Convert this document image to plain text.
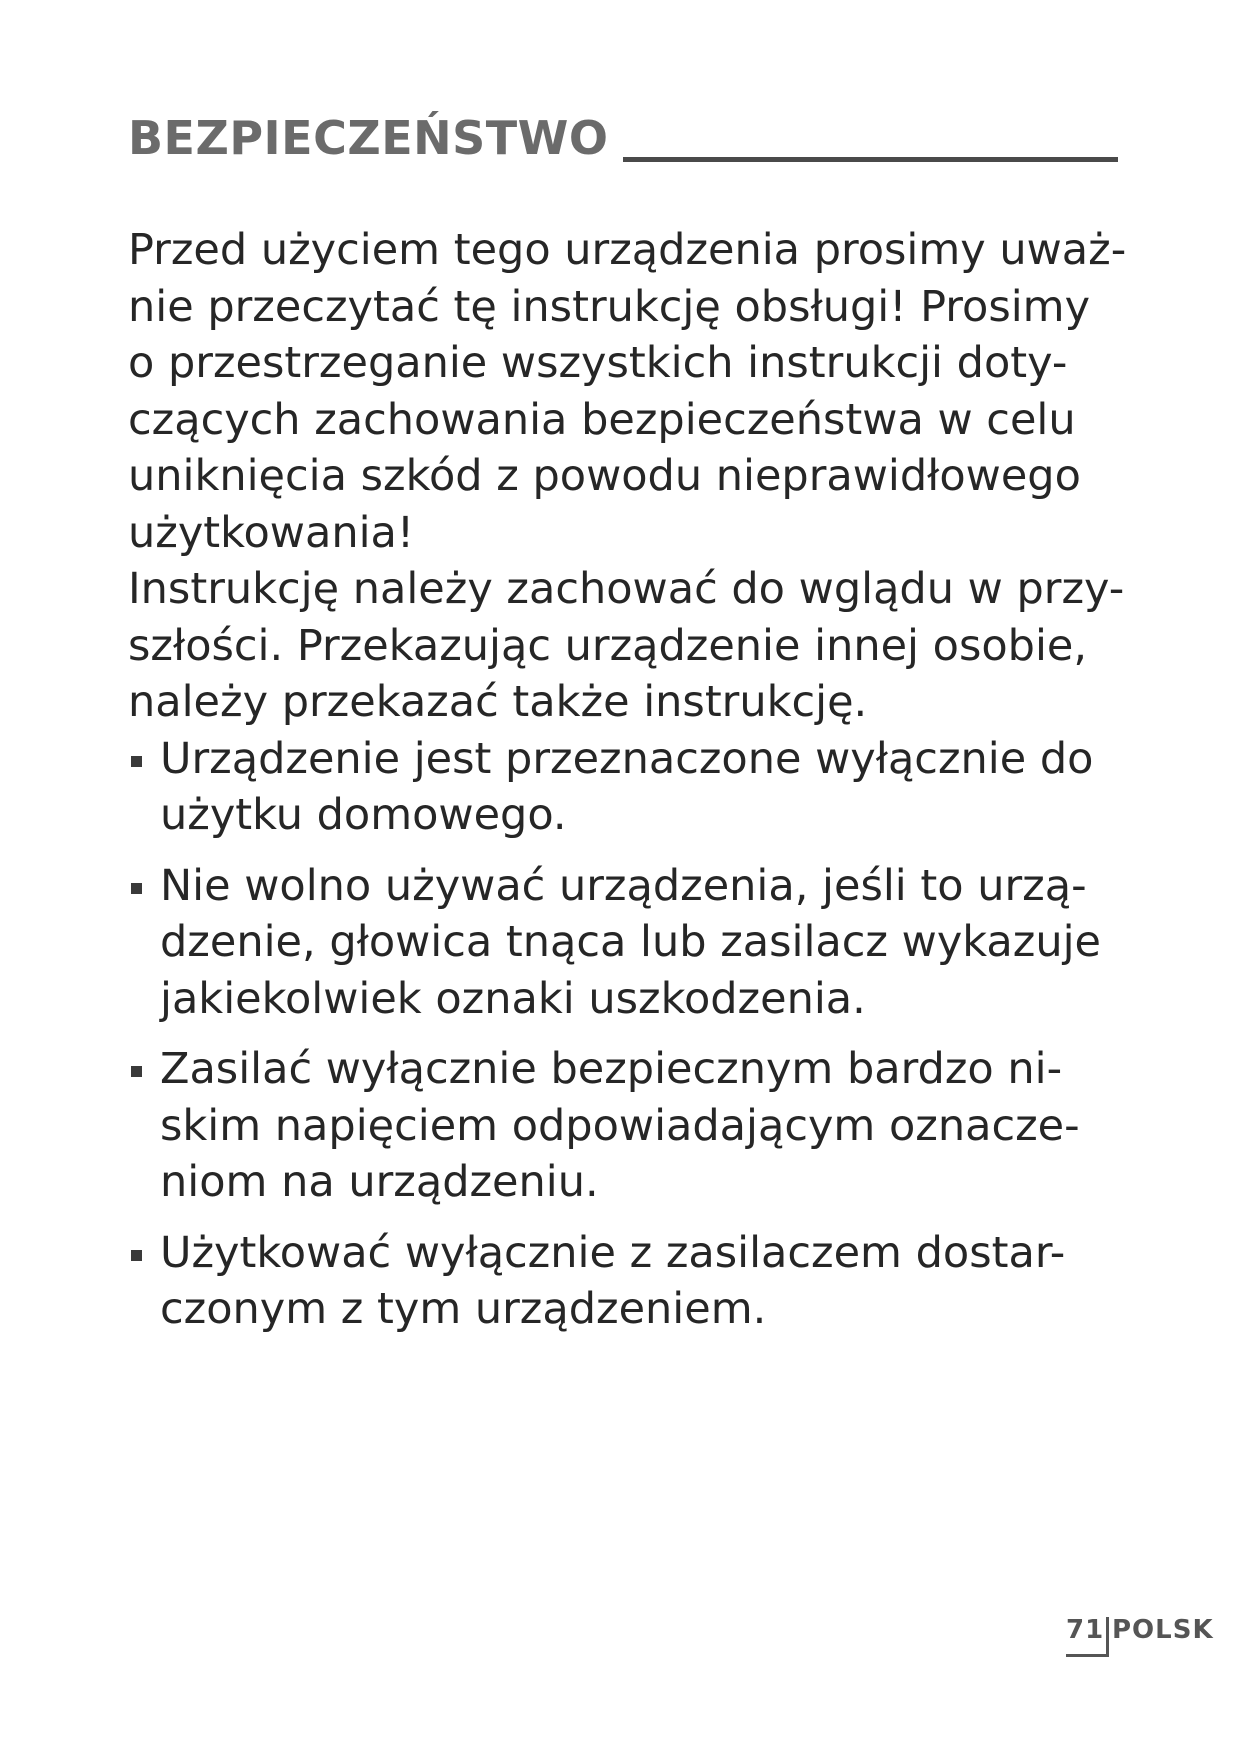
BEZPIECZEŃSTWO

Przed użyciem tego urządzenia prosimy uważ-
nie przeczytać tę instrukcję obsługi! Prosimy
o przestrzeganie wszystkich instrukcji doty-
czących zachowania bezpieczeństwa w celu
uniknięcia szkód z powodu nieprawidłowego
użytkowania!

Instrukcję należy zachować do wglądu w przy-
szłości. Przekazując urządzenie innej osobie,
należy przekazać także instrukcję.

Urządzenie jest przeznaczone wyłącznie do
użytku domowego.
Nie wolno używać urządzenia, jeśli to urzą-
dzenie, głowica tnąca lub zasilacz wykazuje
jakiekolwiek oznaki uszkodzenia.
Zasilać wyłącznie bezpiecznym bardzo ni-
skim napięciem odpowiadającym oznacze-
niom na urządzeniu.
Użytkować wyłącznie z zasilaczem dostar-
czonym z tym urządzeniem.
71 POLSK
